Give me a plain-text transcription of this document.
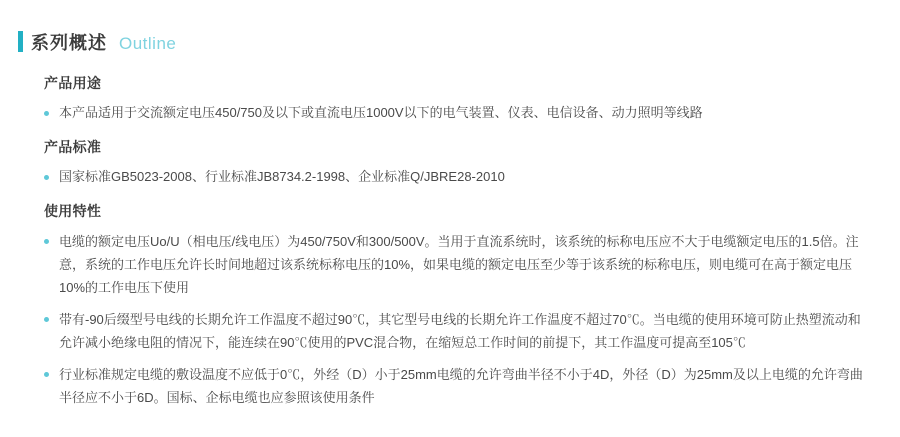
系列概述 Outline
产品用途
本产品适用于交流额定电压450/750及以下或直流电压1000V以下的电气装置、仪表、电信设备、动力照明等线路
产品标准
国家标准GB5023-2008、行业标准JB8734.2-1998、企业标准Q/JBRE28-2010
使用特性
电缆的额定电压Uo/U（相电压/线电压）为450/750V和300/500V。当用于直流系统时，该系统的标称电压应不大于电缆额定电压的1.5倍。注意，系统的工作电压允许长时间地超过该系统标称电压的10%，如果电缆的额定电压至少等于该系统的标称电压，则电缆可在高于额定电压10%的工作电压下使用
带有-90后缀型号电线的长期允许工作温度不超过90℃，其它型号电线的长期允许工作温度不超过70℃。当电缆的使用环境可防止热塑流动和允许减小绝缘电阻的情况下，能连续在90℃使用的PVC混合物，在缩短总工作时间的前提下，其工作温度可提高至105℃
行业标准规定电缆的敷设温度不应低于0℃，外经（D）小于25mm电缆的允许弯曲半径不小于4D，外径（D）为25mm及以上电缆的允许弯曲半径应不小于6D。国标、企标电缆也应参照该使用条件
